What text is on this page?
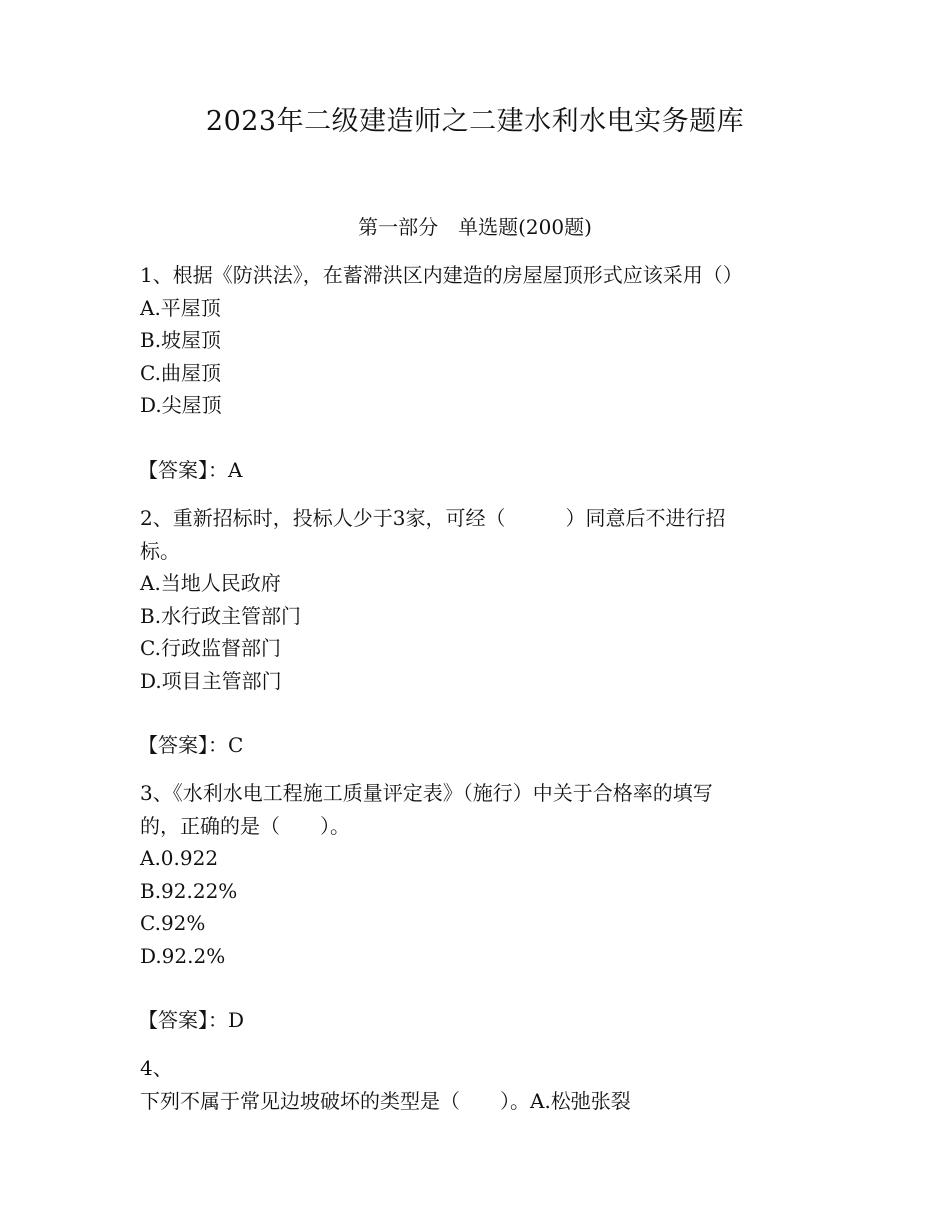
2023年二级建造师之二建水利水电实务题库
第一部分　单选题(200题)
1、根据《防洪法》，在蓄滞洪区内建造的房屋屋顶形式应该采用（）
A.平屋顶
B.坡屋顶
C.曲屋顶
D.尖屋顶
【答案】：A
2、重新招标时，投标人少于3家，可经（　　　）同意后不进行招
标。
A.当地人民政府
B.水行政主管部门
C.行政监督部门
D.项目主管部门
【答案】：C
3、《水利水电工程施工质量评定表》（施行）中关于合格率的填写
的，正确的是（　　）。
A.0.922
B.92.22%
C.92%
D.92.2%
【答案】：D
4、
下列不属于常见边坡破坏的类型是（　　）。A.松弛张裂
